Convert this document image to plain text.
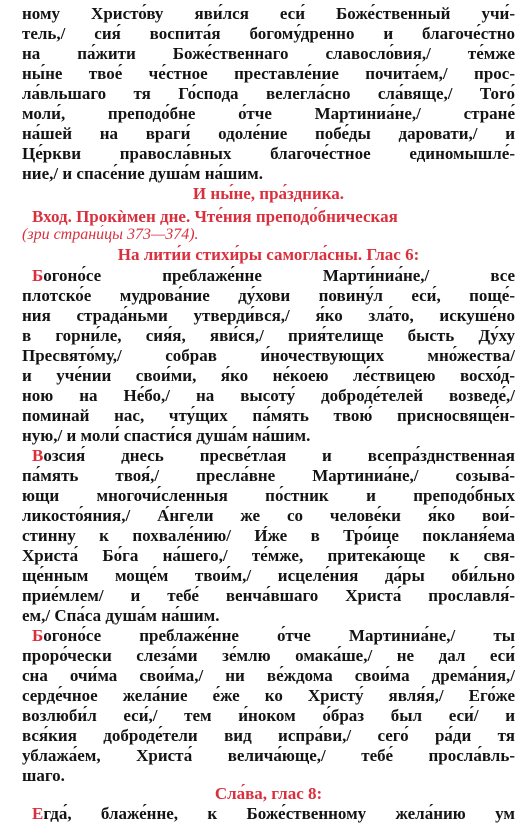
ному Христо́ву яви́лся еси́ Боже́ственный учи́-
тель,/ сия́ воспита́я богому́дренно и благоче́стно
на па́жити Боже́ственнаго славосло́вия,/ те́мже
ны́не твое́ че́стное преставле́ние почита́ем,/ прос-
ла́вльшаго тя Го́спода велегла́сно сла́вяще,/ Тоrо́
моли́, преподо́бне о́тче Мартиниа́не,/ стране́
на́шей на враги́ одоле́ние побе́ды даровати,/ и
Це́ркви правосла́вных благоче́стное единомышле́-
ние,/ и спасе́ние душа́м на́шим.
И ны́не, пра́здника.
Вход. Прокѝмен дне. Чте́ния преподо́бническая
(зри страни́цы 373—374).
На лити́и стихи́ры самогла́сны. Глас 6:
Богоно́се преблаже́нне Марти́ниа́не,/ все
плотско́е мудрова́ние ду́хови повину́л еси́, поще́-
ния страда́ньми утверди́вся,/ я́ко зла́то, искуше́но
в горни́ле, сия́я, яви́ся,/ прия́телище бысть Ду́ху
Пресвято́му,/ собрав и́ночествующих мно́жества/
и уче́нии свои́ми, я́ко не́коею ле́ствицею восхо́д-
ною на Не́бо,/ на высоту́ доброде́телей возведе́,/
поминай нас, чту́щих па́мять твою́ присносвяще́н-
ную,/ и моли́ спасти́ся душа́м на́шим.
Возсия́ днесь пресве́тлая и всепра́зднственная
па́мять твоя́,/ пресла́вне Мартиниа́не,/ созыва́-
ющи многочи́сленныя по́стник и преподо́бных
ликосто́яния,/ А́нгели же со челове́ки я́ко вои́-
стинну к похвале́нию/ И́же в Тро́ице покланя́ема
Христа́ Бо́га на́шего,/ те́мже, притека́юще к свя-
ще́нным моще́м твои́м,/ исцеле́ния да́ры оби́льно
прие́млем/ и тебе́ венча́вшаго Христа́ прославля́-
ем,/ Спа́са душа́м на́шим.
Богоно́се преблаже́нне о́тче Мартиниа́не,/ ты
проро́чески слеза́ми зе́млю омака́ше,/ не дал еси́
сна очи́ма свои́ма,/ ни ве́ждома свои́ма дрема́ния,/
серде́чное жела́ние е́же ко Христу́ явля́я,/ Его́же
возлюби́л еси́,/ тем и́ноком о́браз был еси́/ и
вся́кия доброде́тели вид испра́ви,/ сего́ ра́ди тя
ублажа́ем, Христа́ велича́юще,/ тебе́ просла́вль-
шаго.
Сла́ва, глас 8:
Егда́, блаже́нне, к Боже́ственному жела́нию ум
